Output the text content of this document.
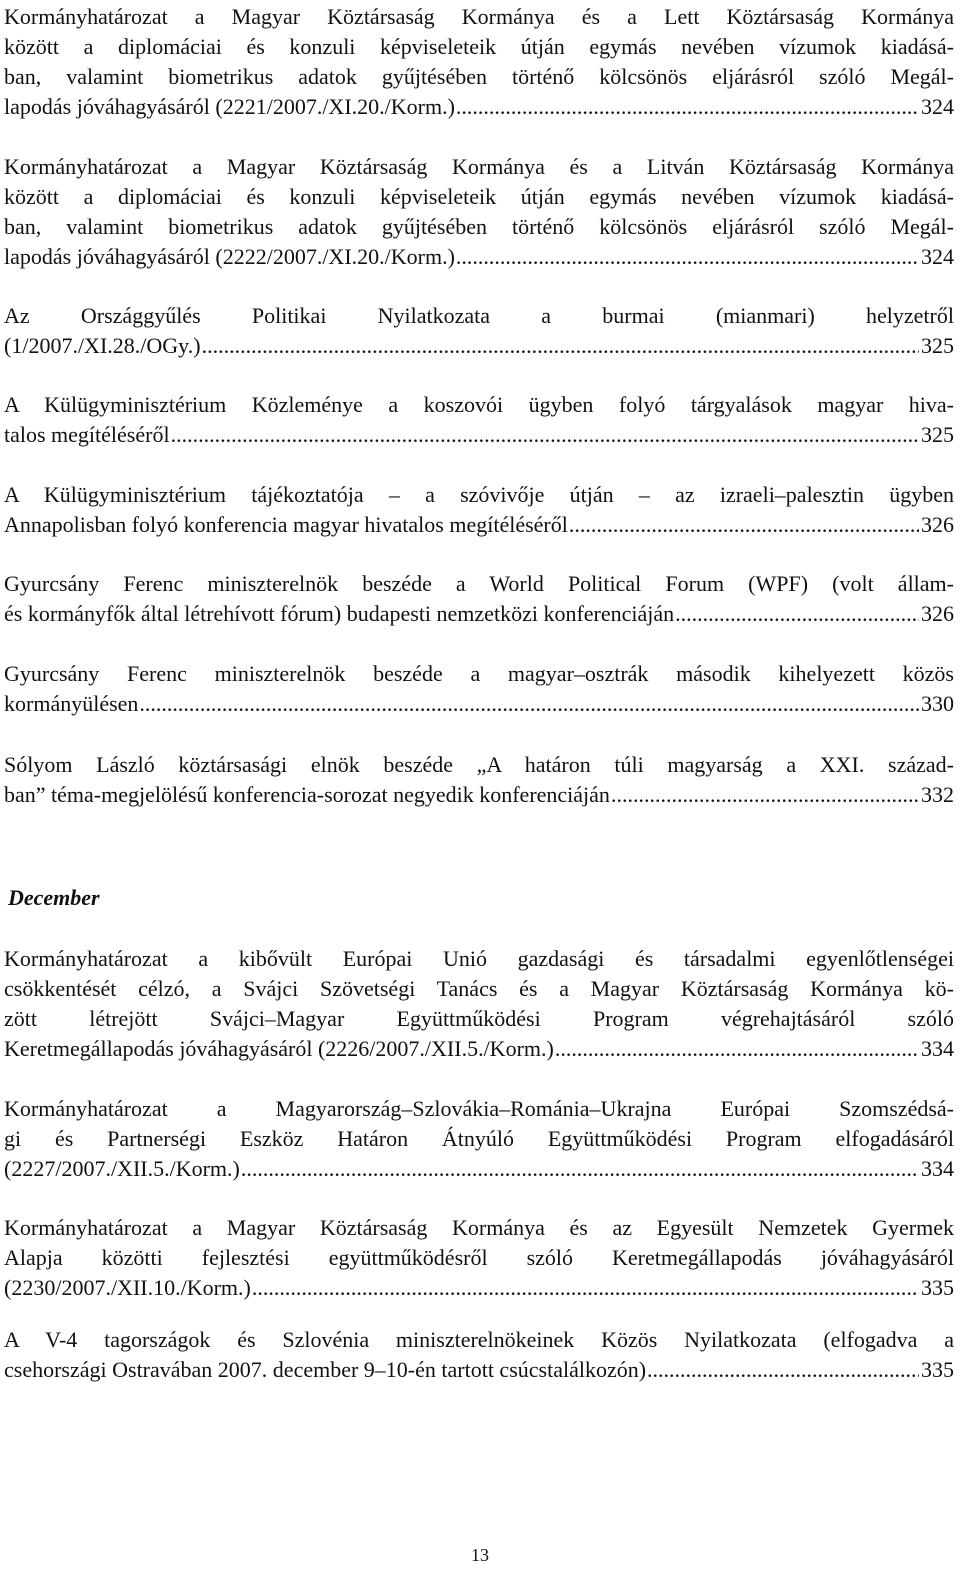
Kormányhatározat a Magyar Köztársaság Kormánya és a Lett Köztársaság Kormánya
között a diplomáciai és konzuli képviseleteik útján egymás nevében vízumok kiadásá-
ban, valamint biometrikus adatok gyűjtésében történő kölcsönös eljárásról szóló Megál-
lapodás jóváhagyásáról (2221/2007./XI.20./Korm.) .....	324
Kormányhatározat a Magyar Köztársaság Kormánya és a Litván Köztársaság Kormánya
között a diplomáciai és konzuli képviseleteik útján egymás nevében vízumok kiadásá-
ban, valamint biometrikus adatok gyűjtésében történő kölcsönös eljárásról szóló Megál-
lapodás jóváhagyásáról (2222/2007./XI.20./Korm.) .....	324
Az Országgyűlés Politikai Nyilatkozata a burmai (mianmari) helyzetről
(1/2007./XI.28./OGy.) .....	325
A Külügyminisztérium Közleménye a koszovói ügyben folyó tárgyalások magyar hiva-
talos megítéléséről .....	325
A Külügyminisztérium tájékoztatója – a szóvivője útján – az izraeli–palesztin ügyben
Annapolisban folyó konferencia magyar hivatalos megítéléséről .....	326
Gyurcsány Ferenc miniszterelnök beszéde a World Political Forum (WPF) (volt állam-
és kormányfők által létrehívott fórum) budapesti nemzetközi konferenciáján .....	326
Gyurcsány Ferenc miniszterelnök beszéde a magyar–osztrák második kihelyezett közös
kormányülésen .....	330
Sólyom László köztársasági elnök beszéde „A határon túli magyarság a XXI. század-
ban” téma-megjelölésű konferencia-sorozat negyedik konferenciáján .....	332
December
Kormányhatározat a kibővült Európai Unió gazdasági és társadalmi egyenlőtlenségei
csökkentését célzó, a Svájci Szövetségi Tanács és a Magyar Köztársaság Kormánya kö-
zött létrejött Svájci–Magyar Együttműködési Program végrehajtásáról szóló
Keretmegállapodás jóváhagyásáról (2226/2007./XII.5./Korm.) .....	334
Kormányhatározat a Magyarország–Szlovákia–Románia–Ukrajna Európai Szomszédsá-
gi és Partnerségi Eszköz Határon Átnyúló Együttműködési Program elfogadásáról
(2227/2007./XII.5./Korm.) .....	334
Kormányhatározat a Magyar Köztársaság Kormánya és az Egyesült Nemzetek Gyermek
Alapja közötti fejlesztési együttműködésről szóló Keretmegállapodás jóváhagyásáról
(2230/2007./XII.10./Korm.) .....	335
A V-4 tagországok és Szlovénia miniszterelnökeinek Közös Nyilatkozata (elfogadva a
csehországi Ostravában 2007. december 9–10-én tartott csúcstalálkozón) .....	335
13
